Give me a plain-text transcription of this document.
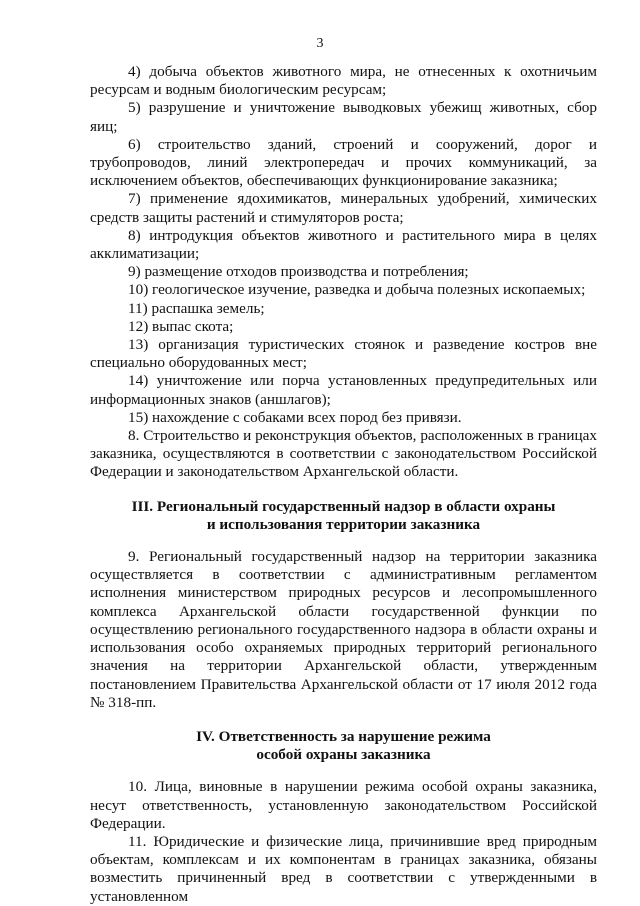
3

4) добыча объектов животного мира, не отнесенных к охотничьим ресурсам и водным биологическим ресурсам;

5) разрушение и уничтожение выводковых убежищ животных, сбор яиц;

6) строительство зданий, строений и сооружений, дорог и трубопроводов, линий электропередач и прочих коммуникаций, за исключением объектов, обеспечивающих функционирование заказника;

7) применение ядохимикатов, минеральных удобрений, химических средств защиты растений и стимуляторов роста;

8) интродукция объектов животного и растительного мира в целях акклиматизации;

9) размещение отходов производства и потребления;

10) геологическое изучение, разведка и добыча полезных ископаемых;

11) распашка земель;

12) выпас скота;

13) организация туристических стоянок и разведение костров вне специально оборудованных мест;

14) уничтожение или порча установленных предупредительных или информационных знаков (аншлагов);

15) нахождение с собаками всех пород без привязи.

8. Строительство и реконструкция объектов, расположенных в границах заказника, осуществляются в соответствии с законодательством Российской Федерации и законодательством Архангельской области.

III. Региональный государственный надзор в области охраны

и использования территории заказника

9. Региональный государственный надзор на территории заказника осуществляется в соответствии с административным регламентом исполнения министерством природных ресурсов и лесопромышленного комплекса Архангельской области государственной функции по осуществлению регионального государственного надзора в области охраны и использования особо охраняемых природных территорий регионального значения на территории Архангельской области, утвержденным постановлением Правительства Архангельской области от 17 июля 2012 года № 318-пп.

IV. Ответственность за нарушение режима

особой охраны заказника

10. Лица, виновные в нарушении режима особой охраны заказника, несут ответственность, установленную законодательством Российской Федерации.

11. Юридические и физические лица, причинившие вред природным объектам, комплексам и их компонентам в границах заказника, обязаны возместить причиненный вред в соответствии с утвержденными в установленном
